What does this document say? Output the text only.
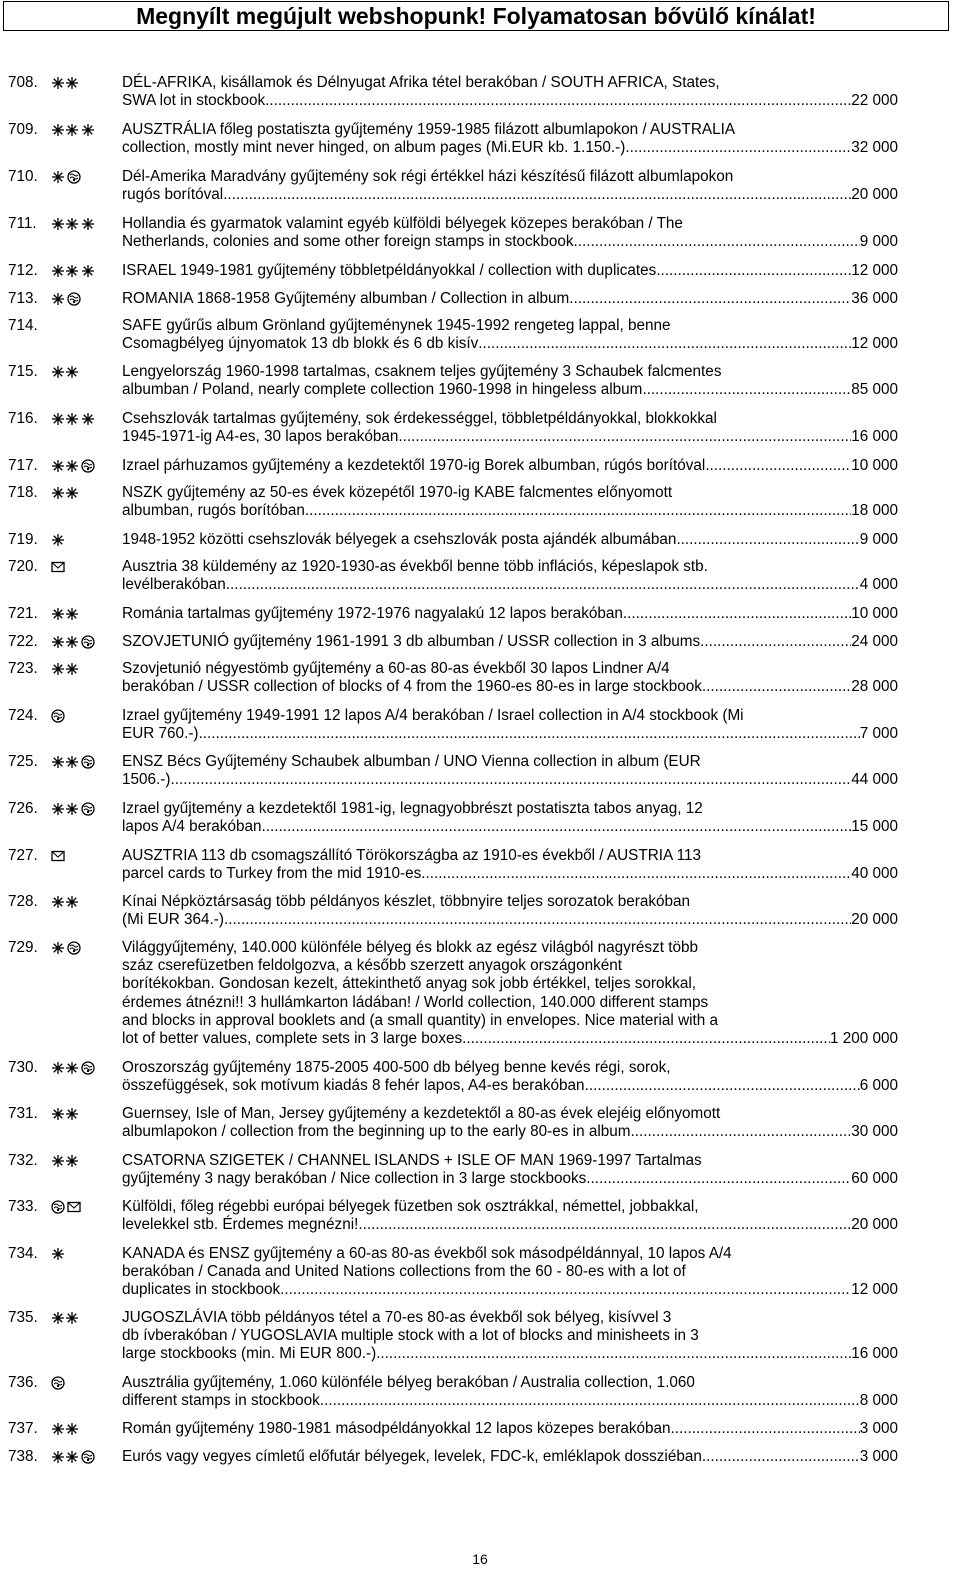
Megnyílt megújult webshopunk! Folyamatosan bővülő kínálat!
708.	DÉL-AFRIKA, kisállamok és Délnyugat Afrika tétel berakóban / SOUTH AFRICA, States,
SWA lot in stockbook .....	22 000
709.	AUSZTRÁLIA főleg postatiszta gyűjtemény 1959-1985 filázott albumlapokon / AUSTRALIA
collection, mostly mint never hinged, on album pages (Mi.EUR kb. 1.150.-) .....	32 000
710.	Dél-Amerika Maradvány gyűjtemény sok régi értékkel házi készítésű filázott albumlapokon
rugós borítóval .....	20 000
711.	Hollandia és gyarmatok valamint egyéb külföldi bélyegek közepes berakóban / The
Netherlands, colonies and some other foreign stamps in stockbook .....	9 000
712.	ISRAEL 1949-1981 gyűjtemény többletpéldányokkal / collection with duplicates .....	12 000
713.	ROMANIA 1868-1958 Gyűjtemény albumban / Collection in album .....	36 000
714.	SAFE gyűrűs album Grönland gyűjteménynek 1945-1992 rengeteg lappal, benne
Csomagbélyeg újnyomatok 13 db blokk és 6 db kisív .....	12 000
715.	Lengyelország 1960-1998 tartalmas, csaknem teljes gyűjtemény 3 Schaubek falcmentes
albumban / Poland, nearly complete collection 1960-1998 in hingeless album .....	85 000
716.	Csehszlovák tartalmas gyűjtemény, sok érdekességgel, többletpéldányokkal, blokkokkal
1945-1971-ig A4-es, 30 lapos berakóban .....	16 000
717.	Izrael párhuzamos gyűjtemény a kezdetektől 1970-ig Borek albumban, rúgós borítóval .....	10 000
718.	NSZK gyűjtemény az 50-es évek közepétől 1970-ig KABE falcmentes előnyomott
albumban, rugós borítóban .....	18 000
719.	1948-1952 közötti csehszlovák bélyegek a csehszlovák posta ajándék albumában .....	9 000
720.	Ausztria 38 küldemény az 1920-1930-as évekből benne több inflációs, képeslapok stb.
levélberakóban .....	4 000
721.	Románia tartalmas gyűjtemény 1972-1976 nagyalakú 12 lapos berakóban .....	10 000
722.	SZOVJETUNIÓ gyűjtemény 1961-1991 3 db albumban / USSR collection in 3 albums .....	24 000
723.	Szovjetunió négyestömb gyűjtemény a 60-as 80-as évekből 30 lapos Lindner A/4
berakóban / USSR collection of blocks of 4 from the 1960-es 80-es in large stockbook .....	28 000
724.	Izrael gyűjtemény 1949-1991 12 lapos A/4 berakóban / Israel collection in A/4 stockbook (Mi
EUR 760.-) .....	7 000
725.	ENSZ Bécs Gyűjtemény Schaubek albumban / UNO Vienna collection in album (EUR
1506.-) .....	44 000
726.	Izrael gyűjtemény a kezdetektől 1981-ig, legnagyobbrészt postatiszta tabos anyag, 12
lapos A/4 berakóban .....	15 000
727.	AUSZTRIA 113 db csomagszállító Törökországba az 1910-es évekből / AUSTRIA 113
parcel cards to Turkey from the mid 1910-es .....	40 000
728.	Kínai Népköztársaság több példányos készlet, többnyire teljes sorozatok berakóban
(Mi EUR 364.-) .....	20 000
729.	Világgyűjtemény, 140.000 különféle bélyeg és blokk az egész világból nagyrészt több
száz cserefüzetben feldolgozva, a később szerzett anyagok országonként
borítékokban. Gondosan kezelt, áttekinthető anyag sok jobb értékkel, teljes sorokkal,
érdemes átnézni!! 3 hullámkarton ládában! / World collection, 140.000 different stamps
and blocks in approval booklets and (a small quantity) in envelopes. Nice material with a
lot of better values, complete sets in 3 large boxes. .....	1 200 000
730.	Oroszország gyűjtemény 1875-2005 400-500 db bélyeg benne kevés régi, sorok,
összefüggések, sok motívum kiadás 8 fehér lapos, A4-es berakóban .....	6 000
731.	Guernsey, Isle of Man, Jersey gyűjtemény a kezdetektől a 80-as évek elejéig előnyomott
albumlapokon / collection from the beginning up to the early 80-es in album .....	30 000
732.	CSATORNA SZIGETEK / CHANNEL ISLANDS + ISLE OF MAN 1969-1997 Tartalmas
gyűjtemény 3 nagy berakóban / Nice collection in 3 large stockbooks .....	60 000
733.	Külföldi, főleg régebbi európai bélyegek füzetben sok osztrákkal, némettel, jobbakkal,
levelekkel stb. Érdemes megnézni! .....	20 000
734.	KANADA és ENSZ gyűjtemény a 60-as 80-as évekből sok másodpéldánnyal, 10 lapos A/4
berakóban / Canada and United Nations collections from the 60 - 80-es with a lot of
duplicates in stockbook .....	12 000
735.	JUGOSZLÁVIA több példányos tétel a 70-es 80-as évekből sok bélyeg, kisívvel 3
db ívberakóban / YUGOSLAVIA multiple stock with a lot of blocks and minisheets in 3
large stockbooks (min. Mi EUR 800.-) .....	16 000
736.	Ausztrália gyűjtemény, 1.060 különféle bélyeg berakóban / Australia collection, 1.060
different stamps in stockbook .....	8 000
737.	Román gyűjtemény 1980-1981 másodpéldányokkal 12 lapos közepes berakóban .....	3 000
738.	Eurós vagy vegyes címletű előfutár bélyegek, levelek, FDC-k, emléklapok dossziéban .....	3 000
16
